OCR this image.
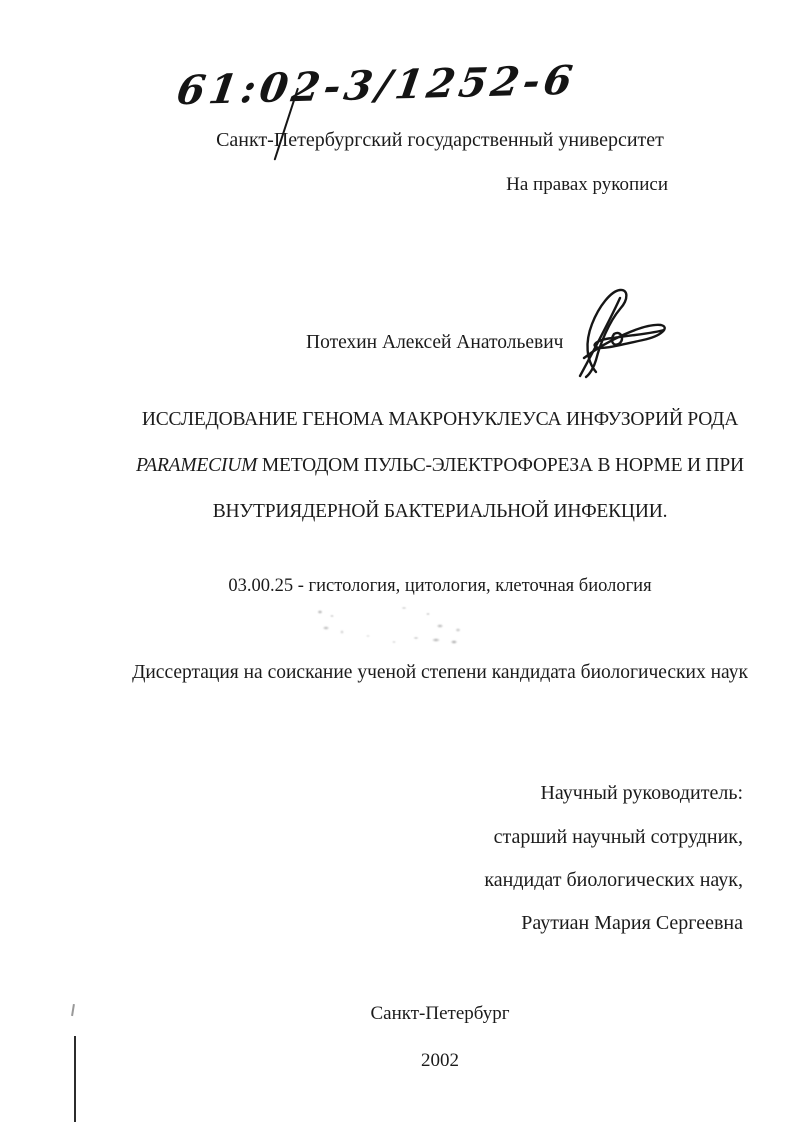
61:02-3/1252-6
Санкт-Петербургский государственный университет
На правах рукописи
Потехин Алексей Анатольевич
ИССЛЕДОВАНИЕ ГЕНОМА МАКРОНУКЛЕУСА ИНФУЗОРИЙ РОДА
PARAMECIUM МЕТОДОМ ПУЛЬС-ЭЛЕКТРОФОРЕЗА В НОРМЕ И ПРИ
ВНУТРИЯДЕРНОЙ БАКТЕРИАЛЬНОЙ ИНФЕКЦИИ.
03.00.25 - гистология, цитология, клеточная биология
Диссертация на соискание ученой степени кандидата биологических наук
Научный руководитель:
старший научный сотрудник,
кандидат биологических наук,
Раутиан Мария Сергеевна
Санкт-Петербург
2002
